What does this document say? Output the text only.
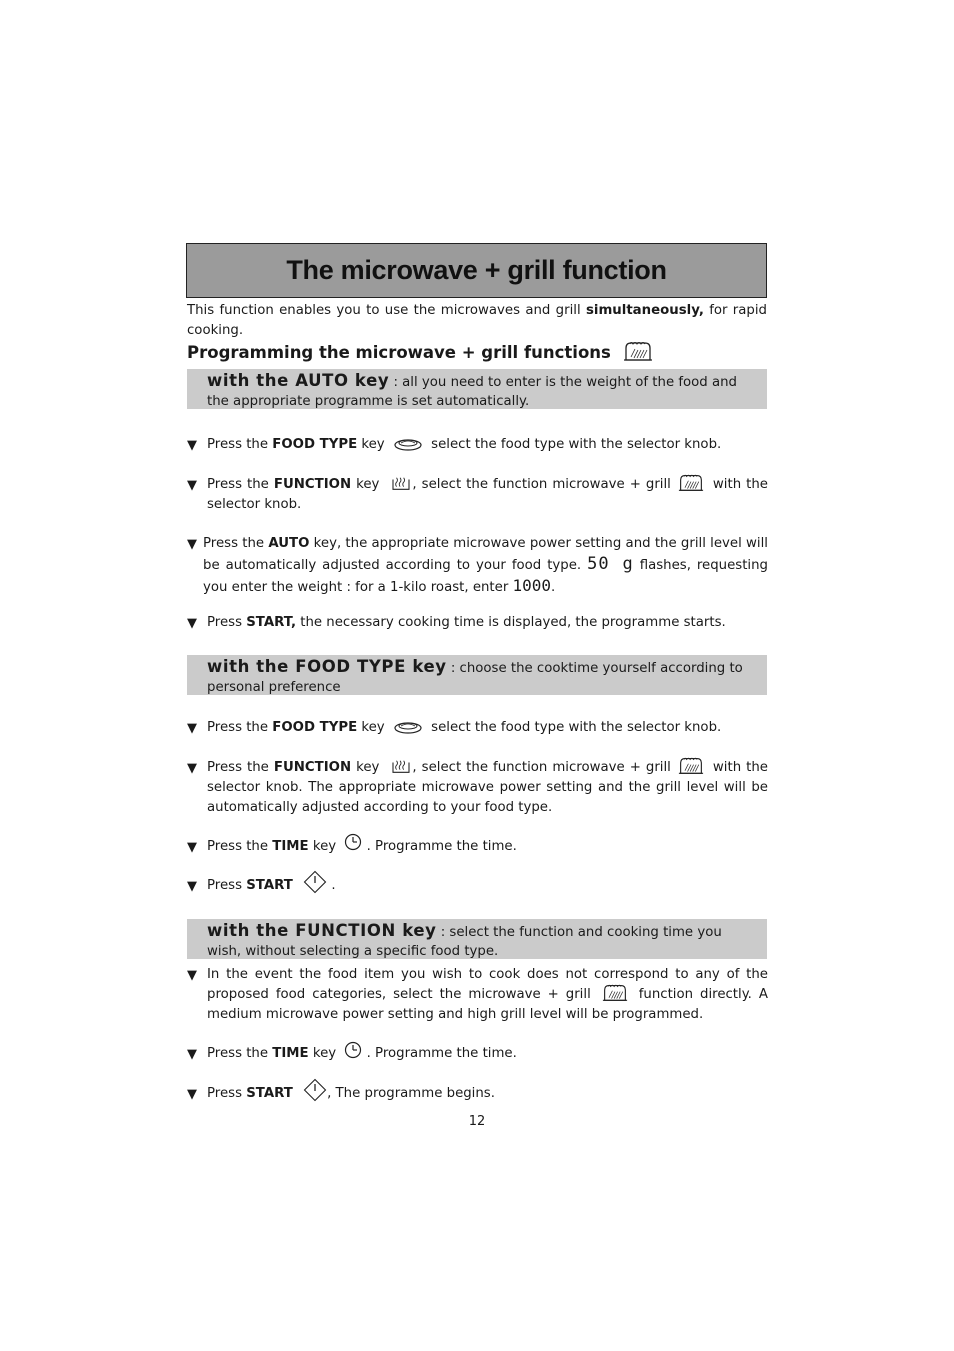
The microwave + grill function
This function enables you to use the microwaves and grill simultaneously, for rapid cooking.
Programming the microwave + grill functions
with the AUTO key : all you need to enter is the weight of the food and the appropriate programme is set automatically.
▼ Press the FOOD TYPE key	select the food type with the selector knob.
▼ Press the FUNCTION key , select the function microwave + grill	with the selector knob.
▼ Press the AUTO key, the appropriate microwave power setting and the grill level will be automatically adjusted according to your food type. 50 g flashes, requesting you enter the weight : for a 1-kilo roast, enter 1000.
▼ Press START, the necessary cooking time is displayed, the programme starts.
with the FOOD TYPE key : choose the cooktime yourself according to personal preference
▼ Press the FOOD TYPE key	select the food type with the selector knob.
▼ Press the FUNCTION key , select the function microwave + grill	with the selector knob. The appropriate microwave power setting and the grill level will be automatically adjusted according to your food type.
▼ Press the TIME key  . Programme the time.
▼ Press START	.
with the FUNCTION key : select the function and cooking time you wish, without selecting a specific food type.
▼ In the event the food item you wish to cook does not correspond to any of the proposed food categories, select the microwave + grill	function directly. A medium microwave power setting and high grill level will be programmed.
▼ Press the TIME key  . Programme the time.
▼ Press START	, The programme begins.
12
